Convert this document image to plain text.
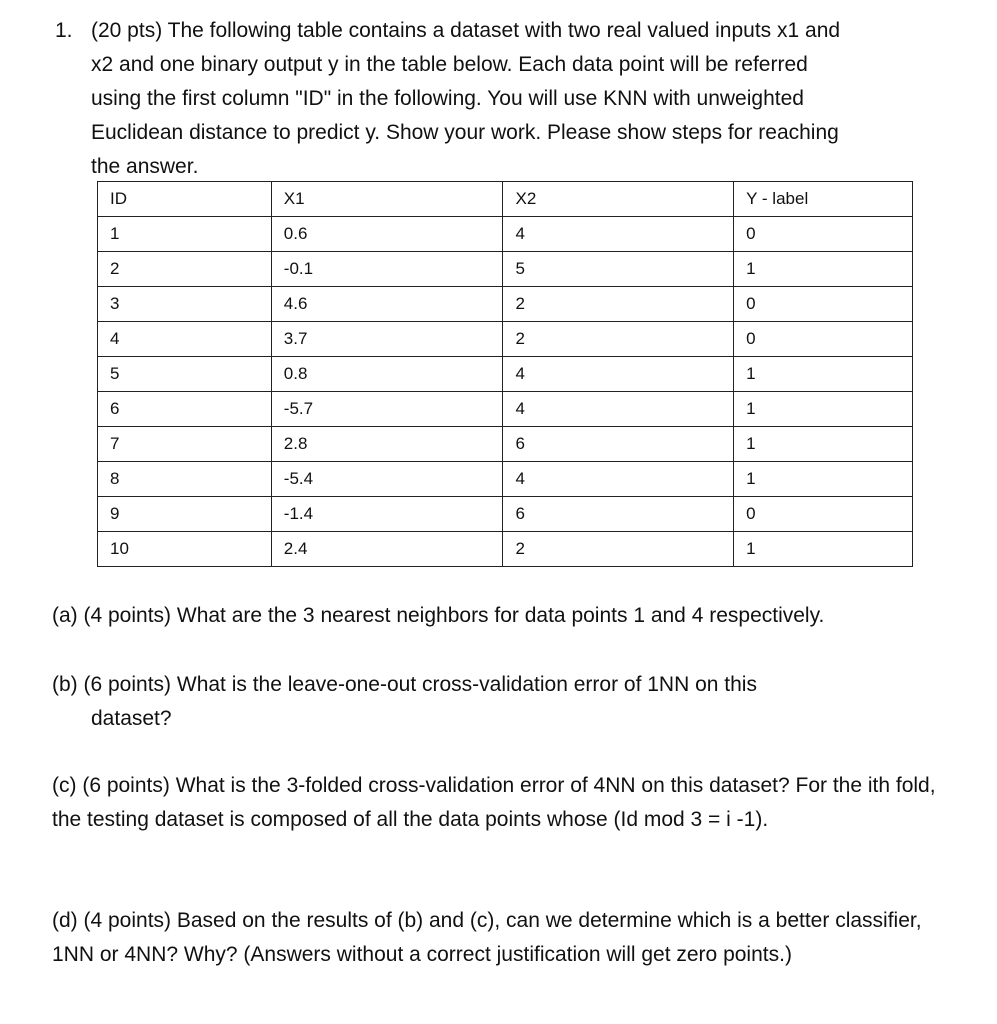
1. (20 pts) The following table contains a dataset with two real valued inputs x1 and
x2 and one binary output y in the table below. Each data point will be referred
using the first column "ID" in the following. You will use KNN with unweighted
Euclidean distance to predict y. Show your work. Please show steps for reaching
the answer.
ID	X1	X2	Y - label
1	0.6	4	0
2	-0.1	5	1
3	4.6	2	0
4	3.7	2	0
5	0.8	4	1
6	-5.7	4	1
7	2.8	6	1
8	-5.4	4	1
9	-1.4	6	0
10	2.4	2	1
(a) (4 points) What are the 3 nearest neighbors for data points 1 and 4 respectively.
(b) (6 points) What is the leave-one-out cross-validation error of 1NN on this
dataset?
(c) (6 points) What is the 3-folded cross-validation error of 4NN on this dataset? For the ith fold, the testing dataset is composed of all the data points whose (Id mod 3 = i -1).
(d) (4 points) Based on the results of (b) and (c), can we determine which is a better classifier, 1NN or 4NN? Why? (Answers without a correct justification will get zero points.)
